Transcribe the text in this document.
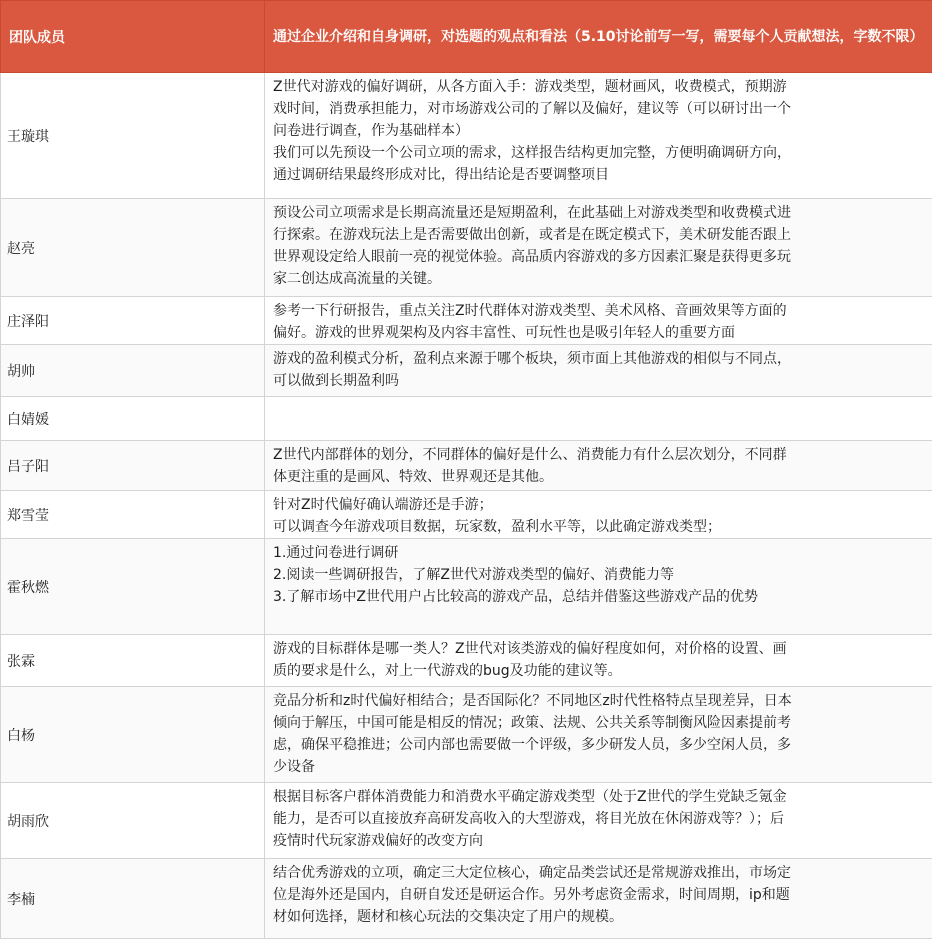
团队成员	通过企业介绍和自身调研，对选题的观点和看法（5.10讨论前写一写，需要每个人贡献想法，字数不限）
王璇琪	Z世代对游戏的偏好调研，从各方面入手：游戏类型，题材画风，收费模式，预期游
戏时间，消费承担能力，对市场游戏公司的了解以及偏好，建议等（可以研讨出一个
问卷进行调查，作为基础样本）
我们可以先预设一个公司立项的需求，这样报告结构更加完整，方便明确调研方向，
通过调研结果最终形成对比，得出结论是否要调整项目

赵亮	预设公司立项需求是长期高流量还是短期盈利，在此基础上对游戏类型和收费模式进
行探索。在游戏玩法上是否需要做出创新，或者是在既定模式下，美术研发能否跟上
世界观设定给人眼前一亮的视觉体验。高品质内容游戏的多方因素汇聚是获得更多玩
家二创达成高流量的关键。

庄泽阳	参考一下行研报告，重点关注Z时代群体对游戏类型、美术风格、音画效果等方面的
偏好。游戏的世界观架构及内容丰富性、可玩性也是吸引年轻人的重要方面

胡帅	游戏的盈利模式分析，盈利点来源于哪个板块，须市面上其他游戏的相似与不同点，
可以做到长期盈利吗

白婧媛	
吕子阳	Z世代内部群体的划分，不同群体的偏好是什么、消费能力有什么层次划分，不同群
体更注重的是画风、特效、世界观还是其他。

郑雪莹	针对Z时代偏好确认端游还是手游；
可以调查今年游戏项目数据，玩家数，盈利水平等，以此确定游戏类型；

霍秋燃	1.通过问卷进行调研
2.阅读一些调研报告，了解Z世代对游戏类型的偏好、消费能力等
3.了解市场中Z世代用户占比较高的游戏产品，总结并借鉴这些游戏产品的优势

张霖	游戏的目标群体是哪一类人？Z世代对该类游戏的偏好程度如何，对价格的设置、画
质的要求是什么，对上一代游戏的bug及功能的建议等。

白杨	竞品分析和z时代偏好相结合；是否国际化？不同地区z时代性格特点呈现差异，日本
倾向于解压，中国可能是相反的情况；政策、法规、公共关系等制衡风险因素提前考
虑，确保平稳推进；公司内部也需要做一个评级，多少研发人员，多少空闲人员，多
少设备

胡雨欣	根据目标客户群体消费能力和消费水平确定游戏类型（处于Z世代的学生党缺乏氪金
能力，是否可以直接放弃高研发高收入的大型游戏，将目光放在休闲游戏等？）；后
疫情时代玩家游戏偏好的改变方向

李楠	结合优秀游戏的立项，确定三大定位核心，确定品类尝试还是常规游戏推出，市场定
位是海外还是国内，自研自发还是研运合作。另外考虑资金需求，时间周期，ip和题
材如何选择，题材和核心玩法的交集决定了用户的规模。
